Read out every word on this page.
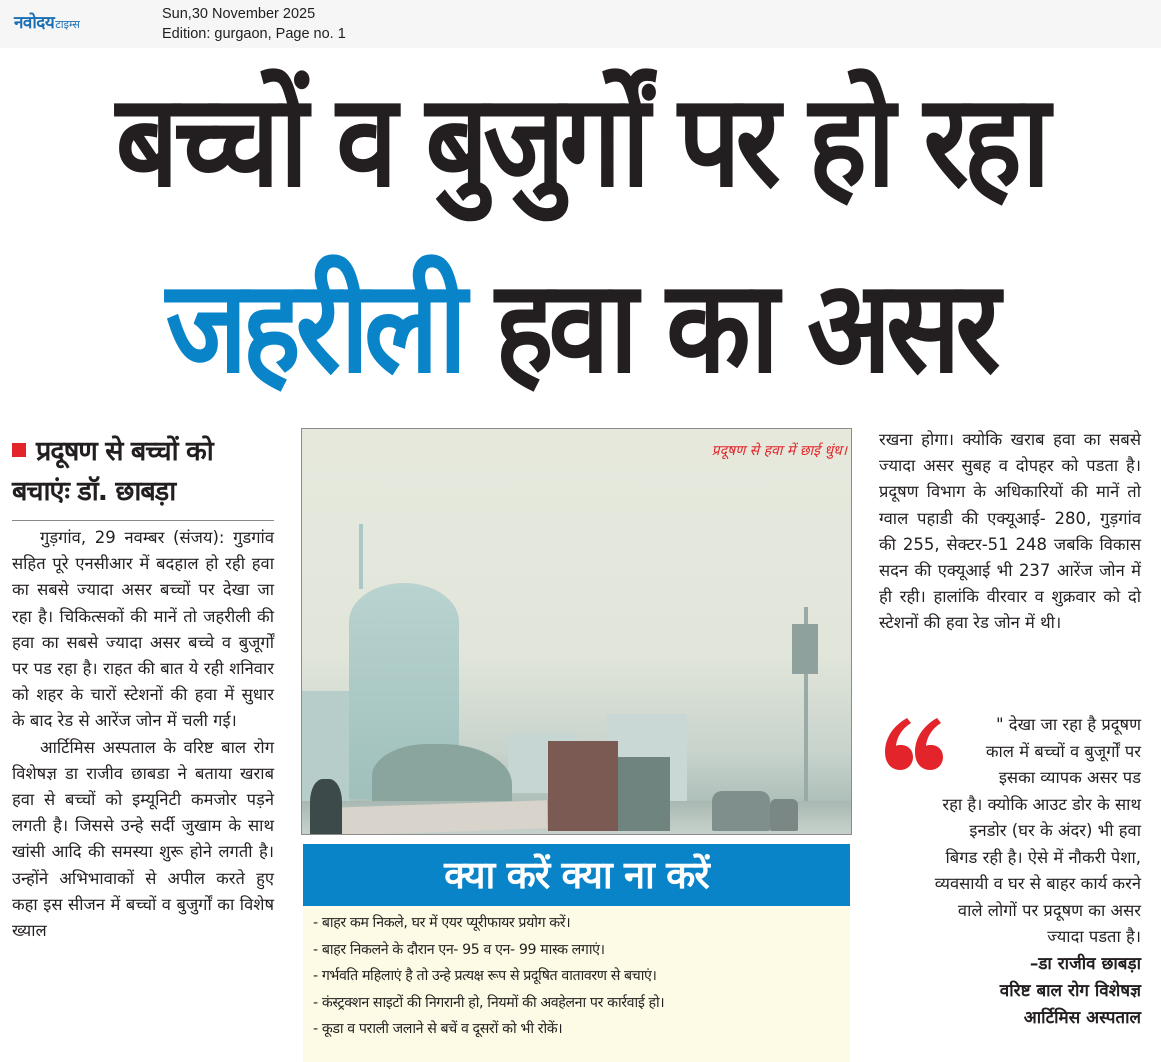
नवोदय टाइम्स
Sun,30 November 2025
Edition: gurgaon, Page no. 1
बच्चों व बुजुर्गों पर हो रहा
जहरीली हवा का असर
प्रदूषण से बच्चों को
बचाएंः डॉ. छाबड़ा

गुड़गांव, 29 नवम्बर (संजय): गुडगांव सहित पूरे एनसीआर में बदहाल हो रही हवा का सबसे ज्यादा असर बच्चों पर देखा जा रहा है। चिकित्सकों की मानें तो जहरीली की हवा का सबसे ज्यादा असर बच्चे व बुजूर्गों पर पड रहा है। राहत की बात ये रही शनिवार को शहर के चारों स्टेशनों की हवा में सुधार के बाद रेड से आरेंज जोन में चली गई।

आर्टिमिस अस्पताल के वरिष्ट बाल रोग विशेषज्ञ डा राजीव छाबडा ने बताया खराब हवा से बच्चों को इम्यूनिटी कमजोर पड़ने लगती है। जिससे उन्हे सर्दी जुखाम के साथ खांसी आदि की समस्या शुरू होने लगती है। उन्होंने अभिभावाकों से अपील करते हुए कहा इस सीजन में बच्चों व बुजुर्गों का विशेष ख्याल

प्रदूषण से हवा में छाई धुंध।
क्या करें क्या ना करें
- बाहर कम निकले, घर में एयर प्यूरीफायर प्रयोग करें।
- बाहर निकलने के दौरान एन- 95 व एन- 99 मास्क लगाएं।
- गर्भवति महिलाएं है तो उन्हे प्रत्यक्ष रूप से प्रदूषित वातावरण से बचाएं।
- कंस्ट्रक्शन साइटों की निगरानी हो, नियमों की अवहेलना पर कार्रवाई हो।
- कूडा व पराली जलाने से बचें व दूसरों को भी रोकें।

रखना होगा। क्योकि खराब हवा का सबसे ज्यादा असर सुबह व दोपहर को पडता है। प्रदूषण विभाग के अधिकारियों की मानें तो ग्वाल पहाडी की एक्यूआई- 280, गुड़गांव की 255, सेक्टर-51 248 जबकि विकास सदन की एक्यूआई भी 237 आरेंज जोन में ही रही। हालांकि वीरवार व शुक्रवार को दो स्टेशनों की हवा रेड जोन में थी।

" देखा जा रहा है प्रदूषण
काल में बच्चों व बुजूर्गों पर
इसका व्यापक असर पड
रहा है। क्योकि आउट डोर के साथ
इनडोर (घर के अंदर) भी हवा
बिगड रही है। ऐसे में नौकरी पेशा,
व्यवसायी व घर से बाहर कार्य करने
वाले लोगों पर प्रदूषण का असर
ज्यादा पडता है।
–डा राजीव छाबड़ा
वरिष्ट बाल रोग विशेषज्ञ
आर्टिमिस अस्पताल
